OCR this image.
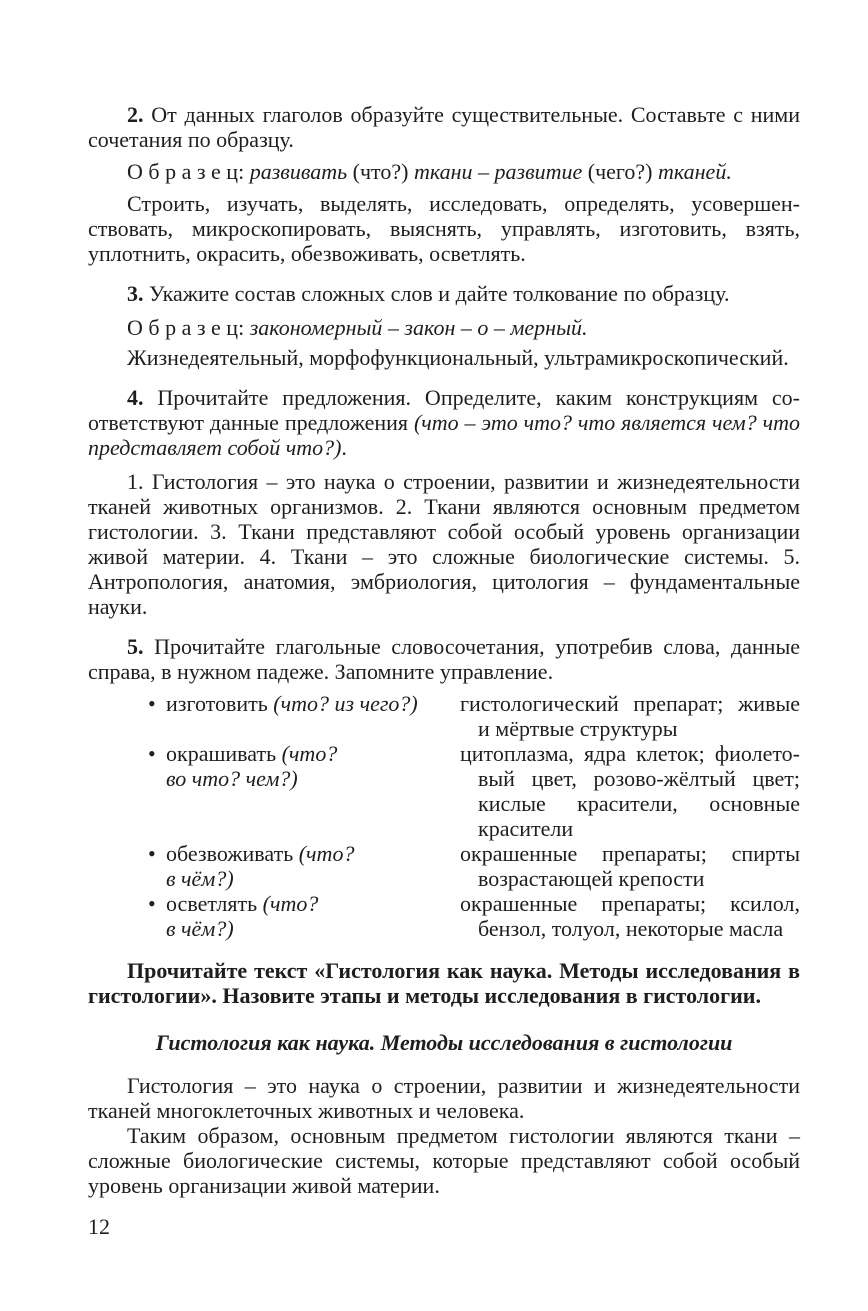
2. От данных глаголов образуйте существительные. Составьте с ними сочетания по образцу.

О б р а з е ц: развивать (что?) ткани – развитие (чего?) тканей.

Строить, изучать, выделять, исследовать, определять, усовершенствовать, микроскопировать, выяснять, управлять, изготовить, взять, уплотнить, окрасить, обезвоживать, осветлять.

3. Укажите состав сложных слов и дайте толкование по образцу.

О б р а з е ц: закономерный – закон – о – мерный.

Жизнедеятельный, морфофункциональный, ультрамикроскопический.

4. Прочитайте предложения. Определите, каким конструкциям соответствуют данные предложения (что – это что? что является чем? что представляет собой что?).

1. Гистология – это наука о строении, развитии и жизнедеятельности тканей животных организмов. 2. Ткани являются основным предметом гистологии. 3. Ткани представляют собой особый уровень организации живой материи. 4. Ткани – это сложные биологические системы. 5. Антропология, анатомия, эмбриология, цитология – фундаментальные науки.

5. Прочитайте глагольные словосочетания, употребив слова, данные справа, в нужном падеже. Запомните управление.

• изготовить (что? из чего?)	гистологический препарат; живые
и мёртвые структуры
• окрашивать (что?
во что? чем?)
цитоплазма, ядра клеток; фиолето-
вый цвет, розово-жёлтый цвет;
кислые красители, основные
красители
• обезвоживать (что?
в чём?)
окрашенные препараты; спирты
возрастающей крепости
• осветлять (что?
в чём?)
окрашенные препараты; ксилол,
бензол, толуол, некоторые масла

Прочитайте текст «Гистология как наука. Методы исследования в гистологии». Назовите этапы и методы исследования в гистологии.

Гистология как наука. Методы исследования в гистологии

Гистология – это наука о строении, развитии и жизнедеятельности тканей многоклеточных животных и человека.

Таким образом, основным предметом гистологии являются ткани – сложные биологические системы, которые представляют собой особый уровень организации живой материи.

12
